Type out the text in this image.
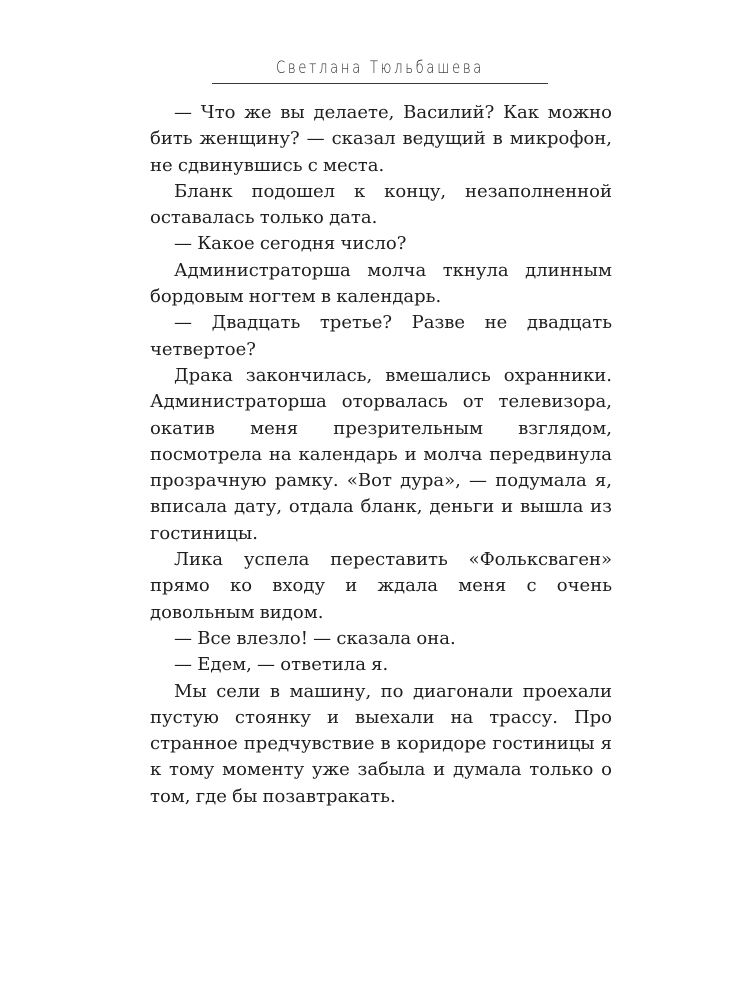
Светлана Тюльбашева

— Что же вы делаете, Василий? Как можно бить женщину? — сказал ведущий в микрофон, не сдвинувшись с места.

Бланк подошел к концу, незаполненной оставалась только дата.

— Какое сегодня число?

Администраторша молча ткнула длинным бордовым ногтем в календарь.

— Двадцать третье? Разве не двадцать четвертое?

Драка закончилась, вмешались охранники. Администраторша оторвалась от телевизора, окатив меня презрительным взглядом, посмотрела на календарь и молча передвинула прозрачную рамку. «Вот дура», — подумала я, вписала дату, отдала бланк, деньги и вышла из гостиницы.

Лика успела переставить «Фольксваген» прямо ко входу и ждала меня с очень довольным видом.

— Все влезло! — сказала она.

— Едем, — ответила я.

Мы сели в машину, по диагонали проехали пустую стоянку и выехали на трассу. Про странное предчувствие в коридоре гостиницы я к тому моменту уже забыла и думала только о том, где бы позавтракать.
